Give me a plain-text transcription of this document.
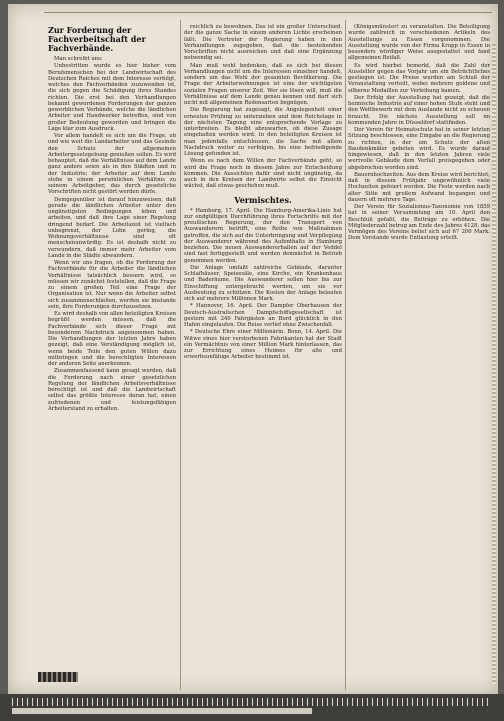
Zur Forderung der Fachverbeitschaft der Fachverbände.

Man schreibt uns:

Unbestritten wurde es hier bisher vom Berufsmenschen bei der Landwirtschaft des Deutschen Reiches mit dem Interesse verfolgt, welches den Fachverbänden zuzuwenden ist, die sich gegen die Schädigung ihres Standes richten. Die erst bei den Verhandlungen bekannt gewordenen Forderungen der ganzen gewerblichen Verbände, welche die ländlichen Arbeiter und Handwerker betreffen, sind von großer Bedeutung geworden und bringen die Lage klar zum Ausdruck.

Vor allem handelt es sich um die Frage, ob und wie weit die Landarbeiter und das Gesinde den Schutz der allgemeinen Arbeitergesetzgebung genießen sollen. Es wird behauptet, daß die Verhältnisse auf dem Lande ganz andere seien als in den Städten und in der Industrie; der Arbeiter auf dem Lande stehe in einem persönlichen Verhältnis zu seinem Arbeitgeber, das durch gesetzliche Vorschriften nicht gestört werden dürfe.

Demgegenüber ist darauf hinzuweisen, daß gerade die ländlichen Arbeiter unter den ungünstigsten Bedingungen leben und arbeiten, und daß ihre Lage einer Regelung dringend bedarf. Die Arbeitszeit ist vielfach unbegrenzt, der Lohn gering, die Wohnungsverhältnisse sind oft menschenunwürdig. Es ist deshalb nicht zu verwundern, daß immer mehr Arbeiter vom Lande in die Städte abwandern.

Wenn wir uns fragen, ob die Forderung der Fachverbände für die Arbeiter die ländlichen Verhältnisse tatsächlich bessern wird, so müssen wir zunächst feststellen, daß die Frage zu einem großen Teil eine Frage der Organisation ist. Nur wenn die Arbeiter selbst sich zusammenschließen, werden sie imstande sein, ihre Forderungen durchzusetzen.

Es wird deshalb von allen beteiligten Kreisen begrüßt werden müssen, daß die Fachverbände sich dieser Frage mit besonderem Nachdruck angenommen haben. Die Verhandlungen der letzten Jahre haben gezeigt, daß eine Verständigung möglich ist, wenn beide Teile den guten Willen dazu mitbringen und die berechtigten Interessen der anderen Seite anerkennen.

Zusammenfassend kann gesagt werden, daß die Forderung nach einer gesetzlichen Regelung der ländlichen Arbeitsverhältnisse berechtigt ist und daß die Landwirtschaft selbst das größte Interesse daran hat, einen zufriedenen und leistungsfähigen Arbeiterstand zu erhalten.

reichlich zu bewohnen. Das ist ein großer Unterschied, der die ganze Sache in einem anderen Lichte erscheinen läßt. Die Vertreter der Regierung haben in den Verhandlungen zugegeben, daß die bestehenden Vorschriften nicht ausreichen und daß eine Ergänzung notwendig sei.

Man muß wohl bedenken, daß es sich bei diesen Verhandlungen nicht um die Interessen einzelner handelt, sondern um das Wohl der gesamten Bevölkerung. Die Frage der Arbeiterwohnungen ist eine der wichtigsten sozialen Fragen unserer Zeit. Wer sie lösen will, muß die Verhältnisse auf dem Lande genau kennen und darf sich nicht mit allgemeinen Redensarten begnügen.

Die Regierung hat zugesagt, die Angelegenheit einer erneuten Prüfung zu unterziehen und dem Reichstage in der nächsten Tagung eine entsprechende Vorlage zu unterbreiten. Es bleibt abzuwarten, ob diese Zusage eingehalten werden wird. In den beteiligten Kreisen ist man jedenfalls entschlossen, die Sache mit allem Nachdruck weiter zu verfolgen, bis eine befriedigende Lösung gefunden ist.

Wenn es nach dem Willen der Fachverbände geht, so wird die Frage noch in diesem Jahre zur Entscheidung kommen. Die Aussichten dafür sind nicht ungünstig, da auch in den Kreisen der Landwirte selbst die Einsicht wächst, daß etwas geschehen muß.

Vermischtes.

* Hamburg, 17. April. Die Hamburg-Amerika-Linie hat zur endgültigen Durchführung ihres Fortschritts mit der preußischen Regierung, der den Transport von Auswanderern betrifft, eine Reihe von Maßnahmen getroffen, die sich auf die Unterbringung und Verpflegung der Auswanderer während des Aufenthalts in Hamburg beziehen. Die neuen Auswandererhallen auf der Veddel sind fast fertiggestellt und werden demnächst in Betrieb genommen werden.

Die Anlage umfaßt zahlreiche Gebäude, darunter Schlafhäuser, Speisesäle, eine Kirche, ein Krankenhaus und Baderäume. Die Auswanderer sollen hier bis zur Einschiffung untergebracht werden, um sie vor Ausbeutung zu schützen. Die Kosten der Anlage belaufen sich auf mehrere Millionen Mark.

* Hannover, 16. April. Der Dampfer Oberhausen der Deutsch-Australischen Dampfschiffsgesellschaft ist gestern mit 240 Fahrgästen an Bord glücklich in den Hafen eingelaufen. Die Reise verlief ohne Zwischenfall.

* Deutsche Ehre einer Millionärin. Bonn, 14. April. Die Witwe eines hier verstorbenen Fabrikanten hat der Stadt ein Vermächtnis von einer Million Mark hinterlassen, das zur Errichtung eines Heimes für alte und erwerbsunfähige Arbeiter bestimmt ist.

(Königsmünster) zu veranstalten. Die Beteiligung wurde zahlreich in verschiedenen Artikeln des Ausstellungs zu Essen vorgenommen. Die Ausstellung wurde von der Firma Krupp in Essen in besonders würdiger Weise ausgestattet und fand allgemeinen Beifall.

Es wird hierbei bemerkt, daß die Zahl der Aussteller gegen das Vorjahr um ein Beträchtliches gestiegen ist. Die Preise wurden am Schluß der Veranstaltung verteilt, wobei mehrere goldene und silberne Medaillen zur Verleihung kamen.

Der Erfolg der Ausstellung hat gezeigt, daß die heimische Industrie auf einer hohen Stufe steht und den Wettbewerb mit dem Auslande nicht zu scheuen braucht. Die nächste Ausstellung soll im kommenden Jahre in Düsseldorf stattfinden.

Der Verein für Heimatschutz hat in seiner letzten Sitzung beschlossen, eine Eingabe an die Regierung zu richten, in der um Schutz der alten Baudenkmäler gebeten wird. Es wurde darauf hingewiesen, daß in den letzten Jahren viele wertvolle Gebäude dem Verfall preisgegeben oder abgebrochen worden sind.

Bauernhochzeiten. Aus dem Kreise wird berichtet, daß in diesem Frühjahr ungewöhnlich viele Hochzeiten gefeiert werden. Die Feste werden nach alter Sitte mit großem Aufwand begangen und dauern oft mehrere Tage.

Der Verein für Sozialismus-Taxonomie von 1859 hat in seiner Versammlung am 10. April den Beschluß gefaßt, die Beiträge zu erhöhen. Die Mitgliederzahl betrug am Ende des Jahres 4128, das Vermögen des Vereins belief sich auf 67 200 Mark. Dem Vorstande wurde Entlastung erteilt.
